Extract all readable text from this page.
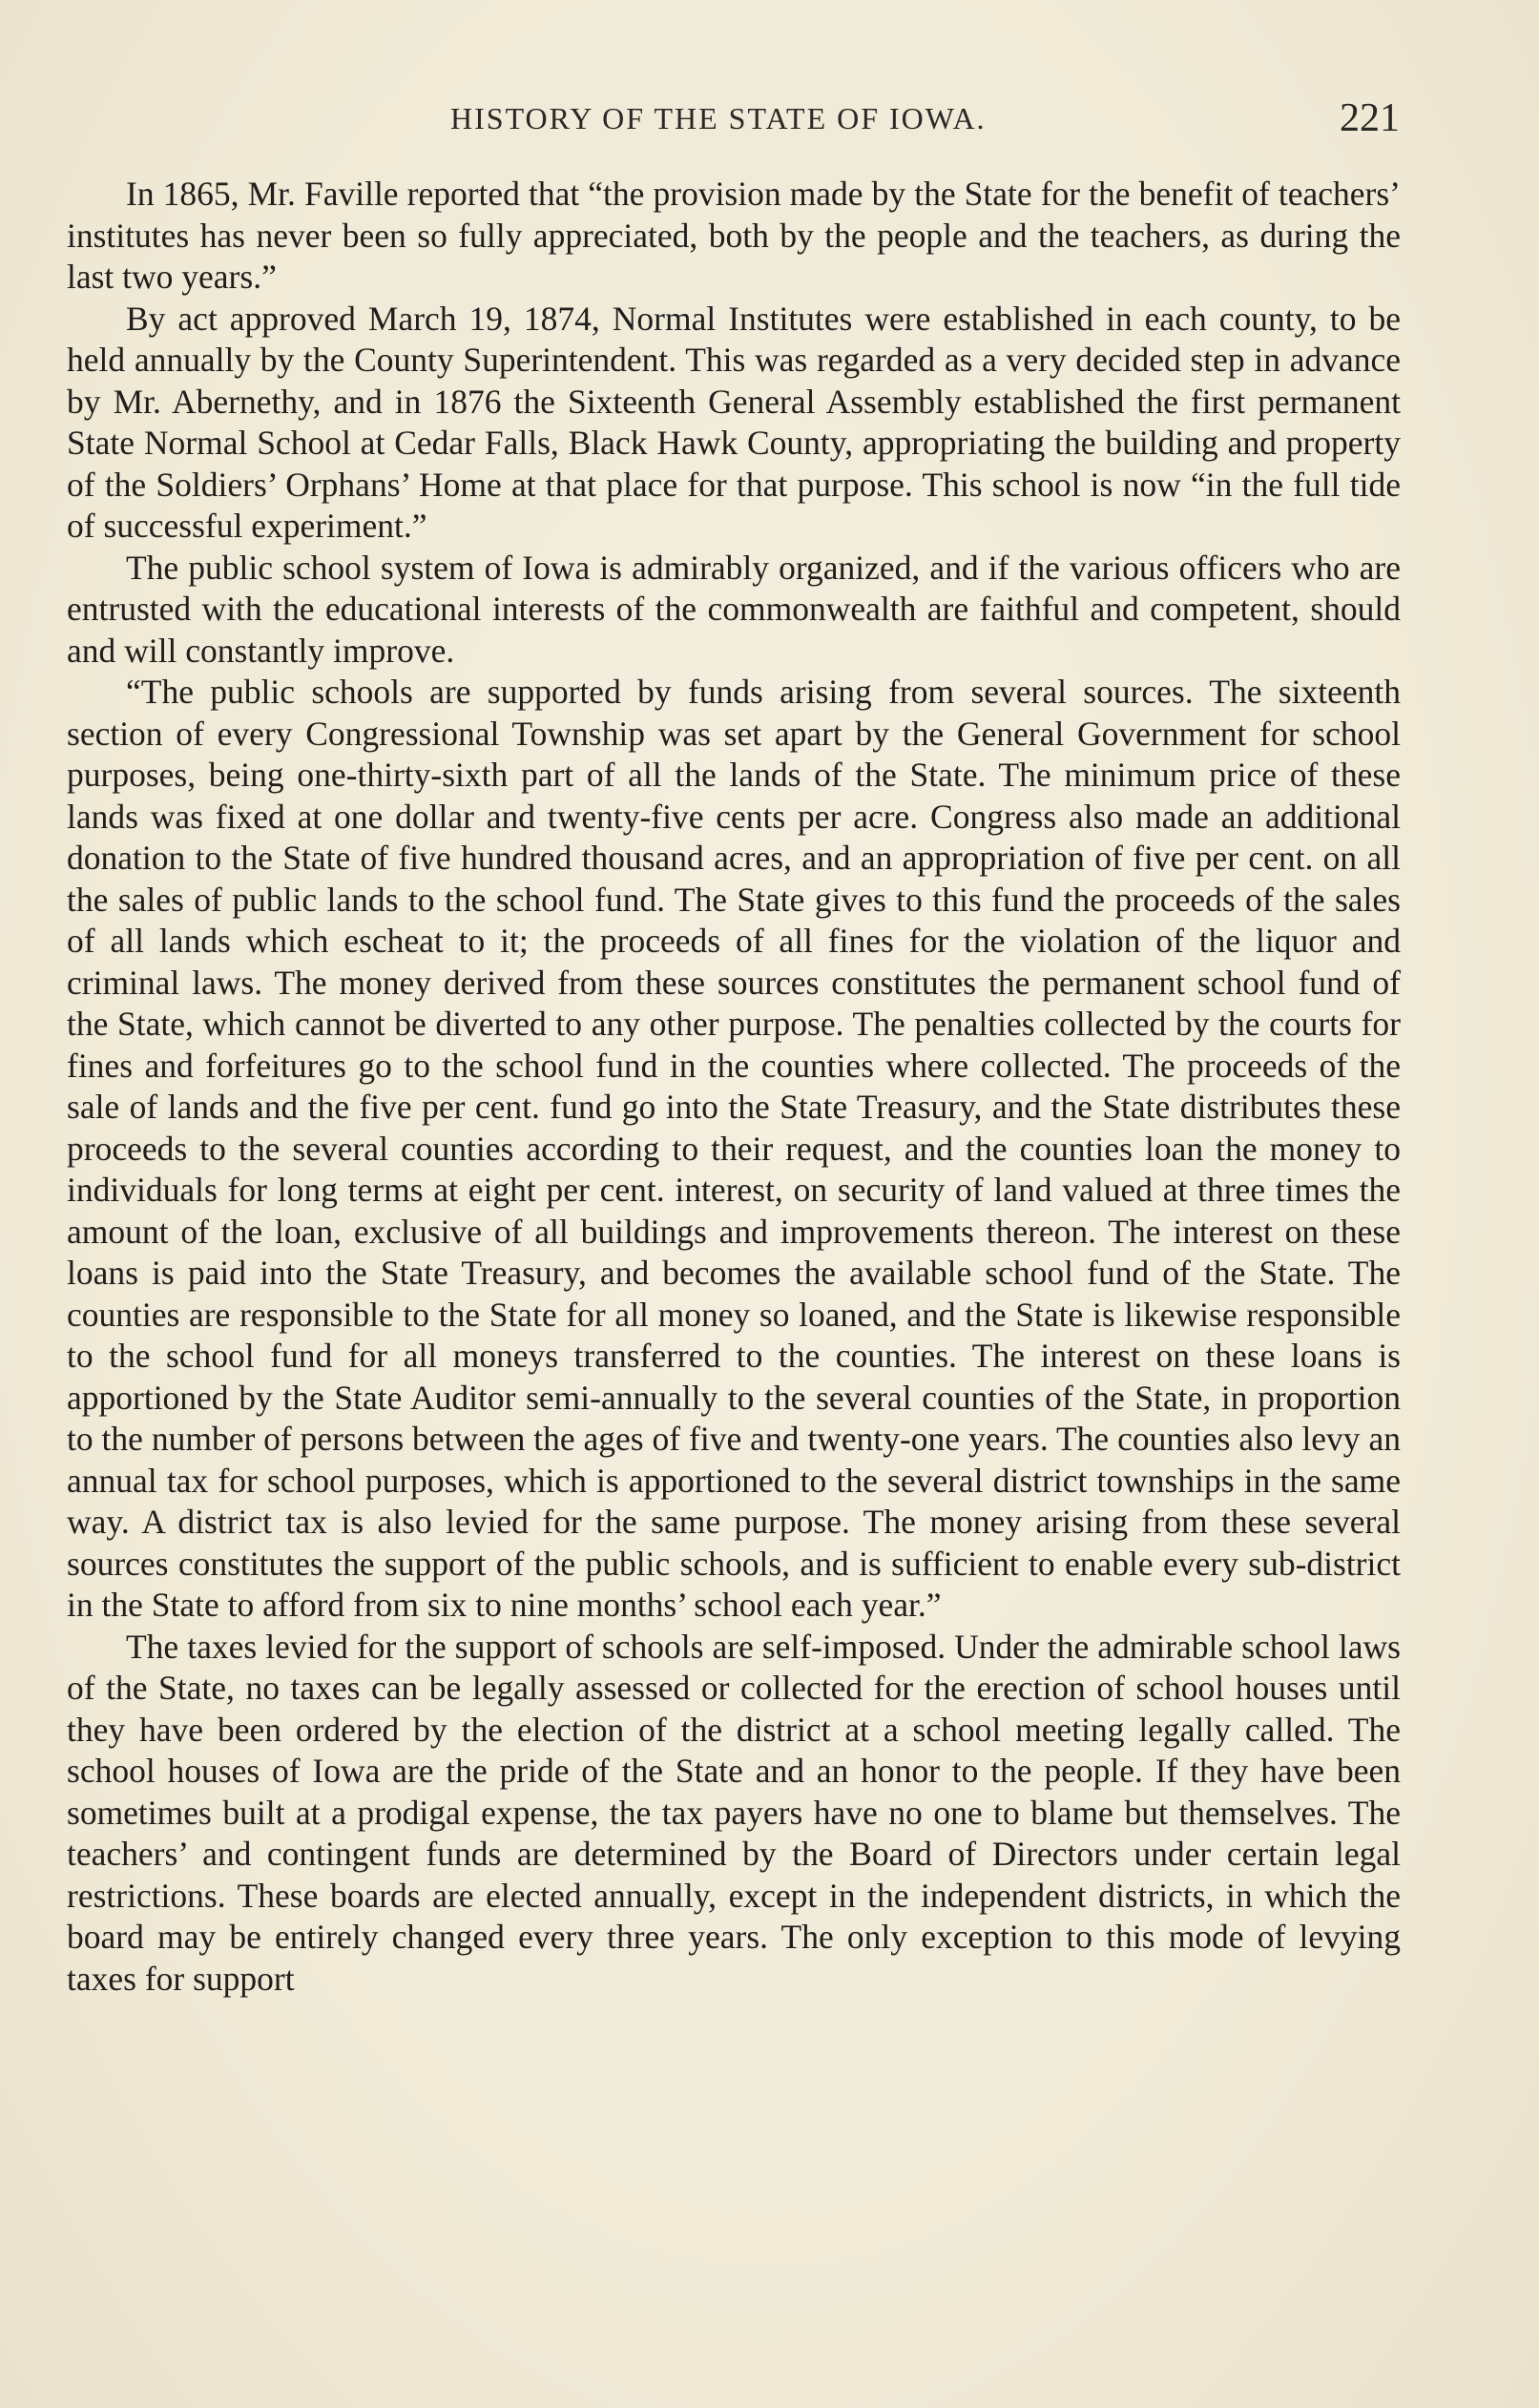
HISTORY OF THE STATE OF IOWA.	221

In 1865, Mr. Faville reported that “the provision made by the State for the benefit of teachers’ institutes has never been so fully appreciated, both by the people and the teachers, as during the last two years.”

By act approved March 19, 1874, Normal Institutes were established in each county, to be held annually by the County Superintendent. This was regarded as a very decided step in advance by Mr. Abernethy, and in 1876 the Sixteenth General Assembly established the first permanent State Normal School at Cedar Falls, Black Hawk County, appropriating the building and property of the Soldiers’ Orphans’ Home at that place for that purpose. This school is now “in the full tide of successful experiment.”

The public school system of Iowa is admirably organized, and if the various officers who are entrusted with the educational interests of the commonwealth are faithful and competent, should and will constantly improve.

“The public schools are supported by funds arising from several sources. The sixteenth section of every Congressional Township was set apart by the General Government for school purposes, being one-thirty-sixth part of all the lands of the State. The minimum price of these lands was fixed at one dollar and twenty-five cents per acre. Congress also made an additional donation to the State of five hundred thousand acres, and an appropriation of five per cent. on all the sales of public lands to the school fund. The State gives to this fund the proceeds of the sales of all lands which escheat to it; the proceeds of all fines for the violation of the liquor and criminal laws. The money derived from these sources constitutes the permanent school fund of the State, which cannot be diverted to any other purpose. The penalties collected by the courts for fines and forfeitures go to the school fund in the counties where collected. The proceeds of the sale of lands and the five per cent. fund go into the State Treasury, and the State distributes these proceeds to the several counties according to their request, and the counties loan the money to individuals for long terms at eight per cent. interest, on security of land valued at three times the amount of the loan, exclusive of all buildings and improvements thereon. The interest on these loans is paid into the State Treasury, and becomes the available school fund of the State. The counties are responsible to the State for all money so loaned, and the State is likewise responsible to the school fund for all moneys transferred to the counties. The interest on these loans is apportioned by the State Auditor semi-annually to the several counties of the State, in proportion to the number of persons between the ages of five and twenty-one years. The counties also levy an annual tax for school purposes, which is apportioned to the several district townships in the same way. A district tax is also levied for the same purpose. The money arising from these several sources constitutes the support of the public schools, and is sufficient to enable every sub-district in the State to afford from six to nine months’ school each year.”

The taxes levied for the support of schools are self-imposed. Under the admirable school laws of the State, no taxes can be legally assessed or collected for the erection of school houses until they have been ordered by the election of the district at a school meeting legally called. The school houses of Iowa are the pride of the State and an honor to the people. If they have been sometimes built at a prodigal expense, the tax payers have no one to blame but themselves. The teachers’ and contingent funds are determined by the Board of Directors under certain legal restrictions. These boards are elected annually, except in the independent districts, in which the board may be entirely changed every three years. The only exception to this mode of levying taxes for support
